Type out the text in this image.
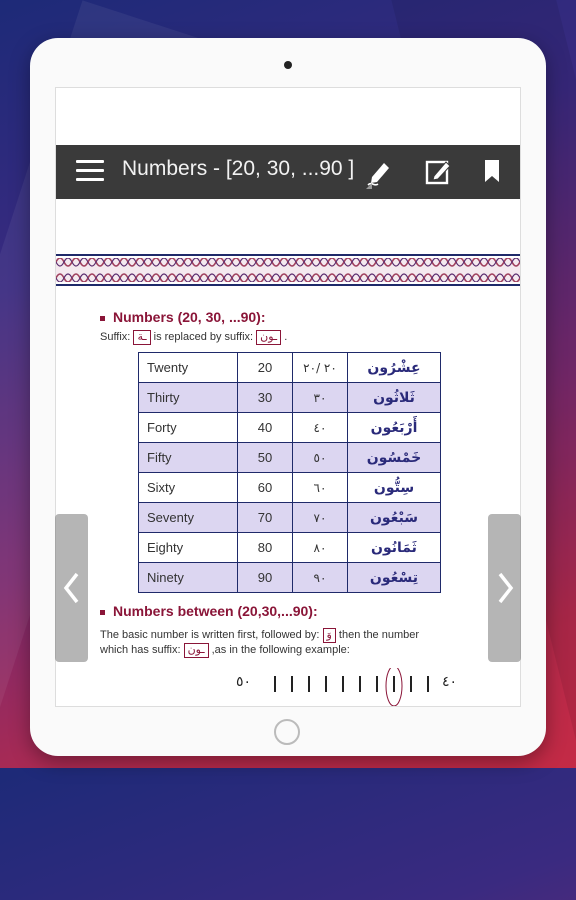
Numbers - [20, 30, ...90 ]
Numbers (20, 30, ...90):
Suffix: ـة is replaced by suffix: ـون .
Twenty	20	٢٠ /٢٠	عِشْرُون
Thirty	30	٣٠	ثَلاثُون
Forty	40	٤٠	أَرْبَعُون
Fifty	50	٥٠	خَمْسُون
Sixty	60	٦٠	سِتُّون
Seventy	70	٧٠	سَبْعُون
Eighty	80	٨٠	ثَمَانُون
Ninety	90	٩٠	تِسْعُون
Numbers between (20,30,...90):
The basic number is written first, followed by: وَ then the number
which has suffix: ـون ,as in the following example:
٥٠	٤٠
